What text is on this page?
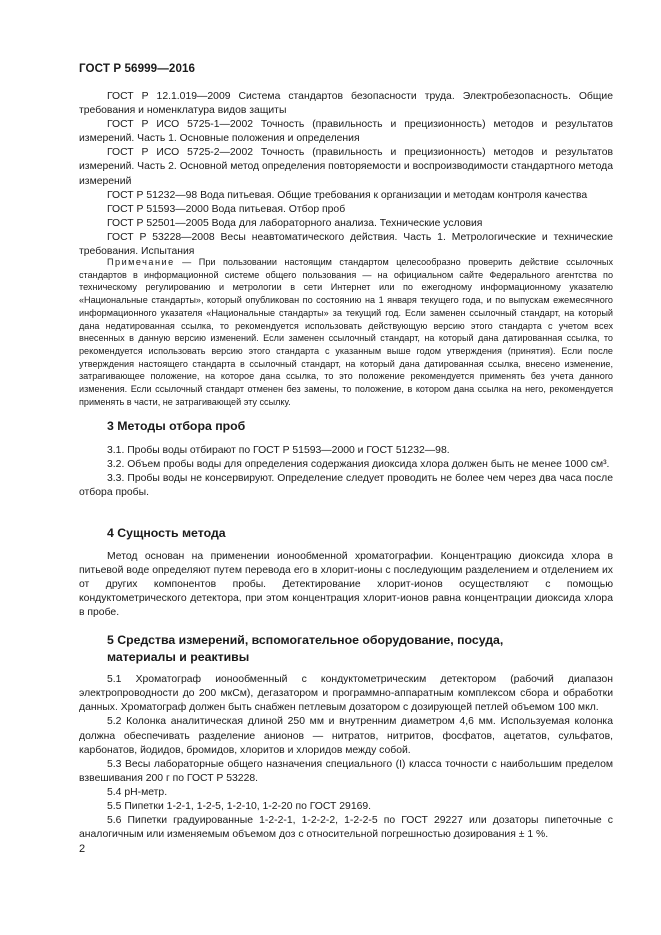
ГОСТ Р 56999—2016

ГОСТ Р 12.1.019—2009 Система стандартов безопасности труда. Электробезопасность. Общие требования и номенклатура видов защиты

ГОСТ Р ИСО 5725-1—2002 Точность (правильность и прецизионность) методов и результатов измерений. Часть 1. Основные положения и определения

ГОСТ Р ИСО 5725-2—2002 Точность (правильность и прецизионность) методов и результатов измерений. Часть 2. Основной метод определения повторяемости и воспроизводимости стандартного метода измерений

ГОСТ Р 51232—98 Вода питьевая. Общие требования к организации и методам контроля качества

ГОСТ Р 51593—2000 Вода питьевая. Отбор проб

ГОСТ Р 52501—2005 Вода для лабораторного анализа. Технические условия

ГОСТ Р 53228—2008 Весы неавтоматического действия. Часть 1. Метрологические и технические требования. Испытания

Примечание — При пользовании настоящим стандартом целесообразно проверить действие ссылочных стандартов в информационной системе общего пользования — на официальном сайте Федерального агентства по техническому регулированию и метрологии в сети Интернет или по ежегодному информационному указателю «Национальные стандарты», который опубликован по состоянию на 1 января текущего года, и по выпускам ежемесячного информационного указателя «Национальные стандарты» за текущий год. Если заменен ссылочный стандарт, на который дана недатированная ссылка, то рекомендуется использовать действующую версию этого стандарта с учетом всех внесенных в данную версию изменений. Если заменен ссылочный стандарт, на который дана датированная ссылка, то рекомендуется использовать версию этого стандарта с указанным выше годом утверждения (принятия). Если после утверждения настоящего стандарта в ссылочный стандарт, на который дана датированная ссылка, внесено изменение, затрагивающее положение, на которое дана ссылка, то это положение рекомендуется применять без учета данного изменения. Если ссылочный стандарт отменен без замены, то положение, в котором дана ссылка на него, рекомендуется применять в части, не затрагивающей эту ссылку.

3 Методы отбора проб

3.1. Пробы воды отбирают по ГОСТ Р 51593—2000 и ГОСТ 51232—98.

3.2. Объем пробы воды для определения содержания диоксида хлора должен быть не менее 1000 см³.

3.3. Пробы воды не консервируют. Определение следует проводить не более чем через два часа после отбора пробы.

4 Сущность метода

Метод основан на применении ионообменной хроматографии. Концентрацию диоксида хлора в питьевой воде определяют путем перевода его в хлорит-ионы с последующим разделением и отделением их от других компонентов пробы. Детектирование хлорит-ионов осуществляют с помощью кондуктометрического детектора, при этом концентрация хлорит-ионов равна концентрации диоксида хлора в пробе.

5 Средства измерений, вспомогательное оборудование, посуда,
материалы и реактивы

5.1 Хроматограф ионообменный с кондуктометрическим детектором (рабочий диапазон электропроводности до 200 мкСм), дегазатором и программно-аппаратным комплексом сбора и обработки данных. Хроматограф должен быть снабжен петлевым дозатором с дозирующей петлей объемом 100 мкл.

5.2 Колонка аналитическая длиной 250 мм и внутренним диаметром 4,6 мм. Используемая колонка должна обеспечивать разделение анионов — нитратов, нитритов, фосфатов, ацетатов, сульфатов, карбонатов, йодидов, бромидов, хлоритов и хлоридов между собой.

5.3 Весы лабораторные общего назначения специального (I) класса точности с наибольшим пределом взвешивания 200 г по ГОСТ Р 53228.

5.4 pH-метр.

5.5 Пипетки 1-2-1, 1-2-5, 1-2-10, 1-2-20 по ГОСТ 29169.

5.6 Пипетки градуированные 1-2-2-1, 1-2-2-2, 1-2-2-5 по ГОСТ 29227 или дозаторы пипеточные с аналогичным или изменяемым объемом доз с относительной погрешностью дозирования ± 1 %.

2
